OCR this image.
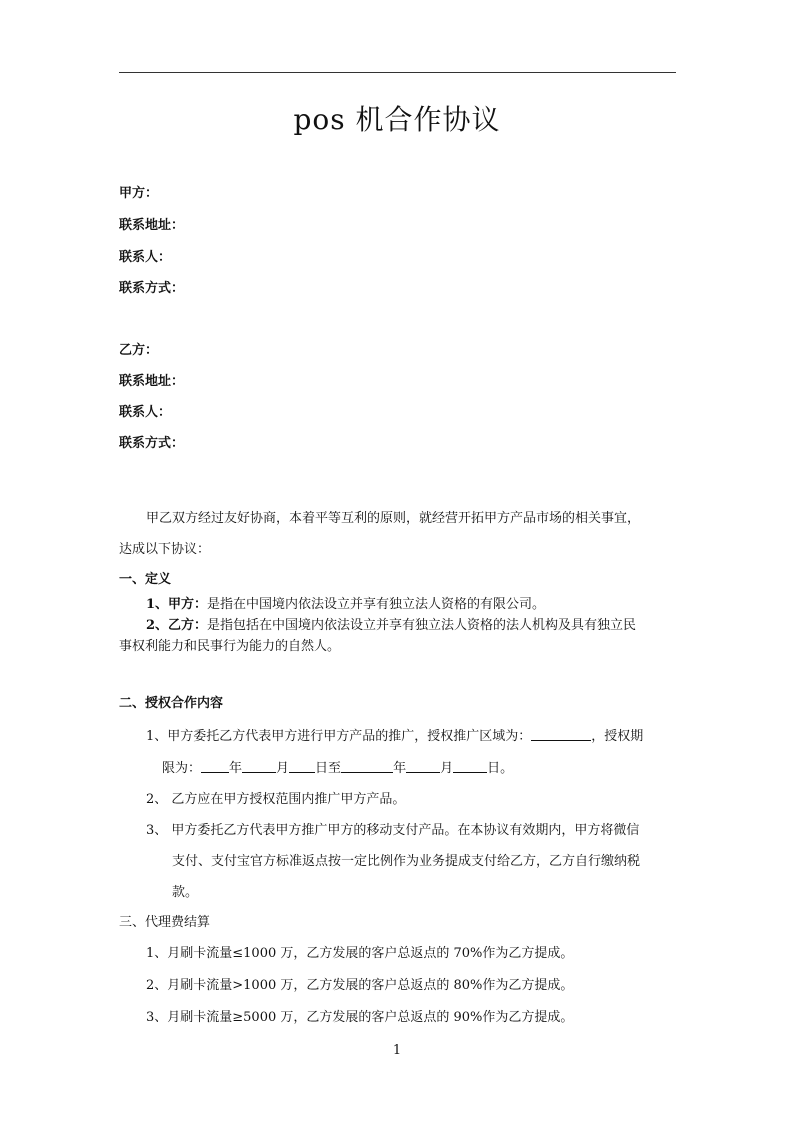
pos 机合作协议
甲方：
联系地址：
联系人：
联系方式：
乙方：
联系地址：
联系人：
联系方式：
甲乙双方经过友好协商，本着平等互利的原则，就经营开拓甲方产品市场的相关事宜，
达成以下协议：
一、定义
1、甲方：是指在中国境内依法设立并享有独立法人资格的有限公司。
2、乙方：是指包括在中国境内依法设立并享有独立法人资格的法人机构及具有独立民
事权利能力和民事行为能力的自然人。
二、授权合作内容
1、甲方委托乙方代表甲方进行甲方产品的推广，授权推广区域为：	，授权期
限为： 年	月 日至	年	月	日。
2、 乙方应在甲方授权范围内推广甲方产品。
3、 甲方委托乙方代表甲方推广甲方的移动支付产品。在本协议有效期内，甲方将微信
支付、支付宝官方标准返点按一定比例作为业务提成支付给乙方，乙方自行缴纳税
款。
三、代理费结算
1、月刷卡流量≤1000 万，乙方发展的客户总返点的 70%作为乙方提成。
2、月刷卡流量>1000 万，乙方发展的客户总返点的 80%作为乙方提成。
3、月刷卡流量≥5000 万，乙方发展的客户总返点的 90%作为乙方提成。
1
